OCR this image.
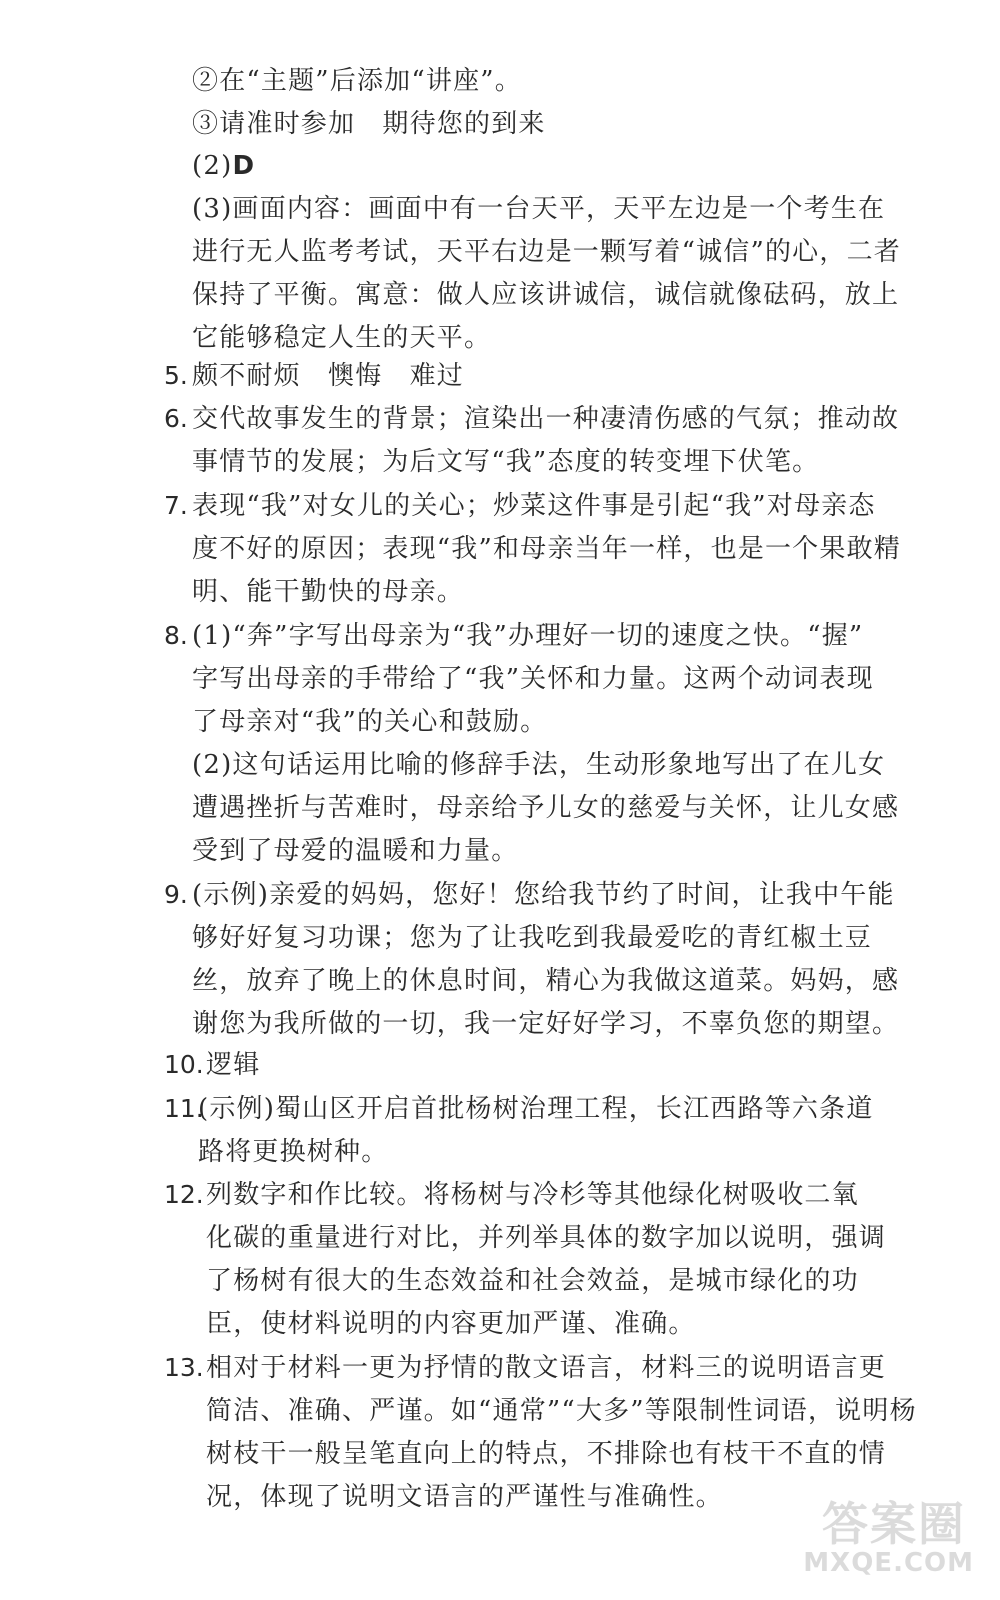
②在“主题”后添加“讲座”。
③请准时参加　期待您的到来
(2)D
(3)画面内容：画面中有一台天平，天平左边是一个考生在
进行无人监考考试，天平右边是一颗写着“诚信”的心，二者
保持了平衡。寓意：做人应该讲诚信，诚信就像砝码，放上
它能够稳定人生的天平。
5. 颇不耐烦　懊悔　难过
6. 交代故事发生的背景；渲染出一种凄清伤感的气氛；推动故
事情节的发展；为后文写“我”态度的转变埋下伏笔。
7. 表现“我”对女儿的关心；炒菜这件事是引起“我”对母亲态
度不好的原因；表现“我”和母亲当年一样，也是一个果敢精
明、能干勤快的母亲。
8. (1)“奔”字写出母亲为“我”办理好一切的速度之快。“握”
字写出母亲的手带给了“我”关怀和力量。这两个动词表现
了母亲对“我”的关心和鼓励。
(2)这句话运用比喻的修辞手法，生动形象地写出了在儿女
遭遇挫折与苦难时，母亲给予儿女的慈爱与关怀，让儿女感
受到了母爱的温暖和力量。
9. (示例)亲爱的妈妈，您好！您给我节约了时间，让我中午能
够好好复习功课；您为了让我吃到我最爱吃的青红椒土豆
丝，放弃了晚上的休息时间，精心为我做这道菜。妈妈，感
谢您为我所做的一切，我一定好好学习，不辜负您的期望。
10. 逻辑
11.
(示例)蜀山区开启首批杨树治理工程，长江西路等六条道
路将更换树种。
12. 列数字和作比较。将杨树与冷杉等其他绿化树吸收二氧
化碳的重量进行对比，并列举具体的数字加以说明，强调
了杨树有很大的生态效益和社会效益，是城市绿化的功
臣，使材料说明的内容更加严谨、准确。
13. 相对于材料一更为抒情的散文语言，材料三的说明语言更
简洁、准确、严谨。如“通常”“大多”等限制性词语，说明杨
树枝干一般呈笔直向上的特点，不排除也有枝干不直的情
况，体现了说明文语言的严谨性与准确性。 答案圈
MXQE.COM
